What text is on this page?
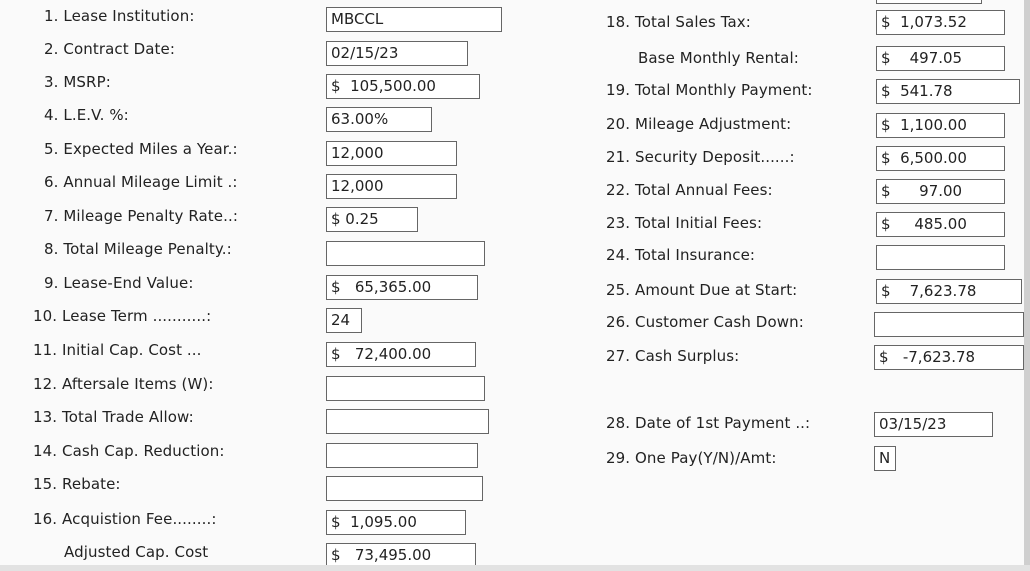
1. Lease Institution:	MBCCL
2. Contract Date:	02/15/23
3. MSRP:	$  105,500.00
4. L.E.V. %:	63.00%
5. Expected Miles a Year.:	12,000
6. Annual Mileage Limit .:	12,000
7. Mileage Penalty Rate..:	$ 0.25
8. Total Mileage Penalty.:
9. Lease-End Value:	$   65,365.00
10. Lease Term ...........:	24
11. Initial Cap. Cost ...	$   72,400.00
12. Aftersale Items (W):
13. Total Trade Allow:
14. Cash Cap. Reduction:
15. Rebate:
16. Acquistion Fee........:	$  1,095.00
Adjusted Cap. Cost	$   73,495.00
18. Total Sales Tax:	$  1,073.52
Base Monthly Rental:	$    497.05
19. Total Monthly Payment:	$  541.78
20. Mileage Adjustment:	$  1,100.00
21. Security Deposit......:	$  6,500.00
22. Total Annual Fees:	$      97.00
23. Total Initial Fees:	$     485.00
24. Total Insurance:
25. Amount Due at Start:	$    7,623.78
26. Customer Cash Down:
27. Cash Surplus:	$   -7,623.78
28. Date of 1st Payment ..:	03/15/23
29. One Pay(Y/N)/Amt:	N
